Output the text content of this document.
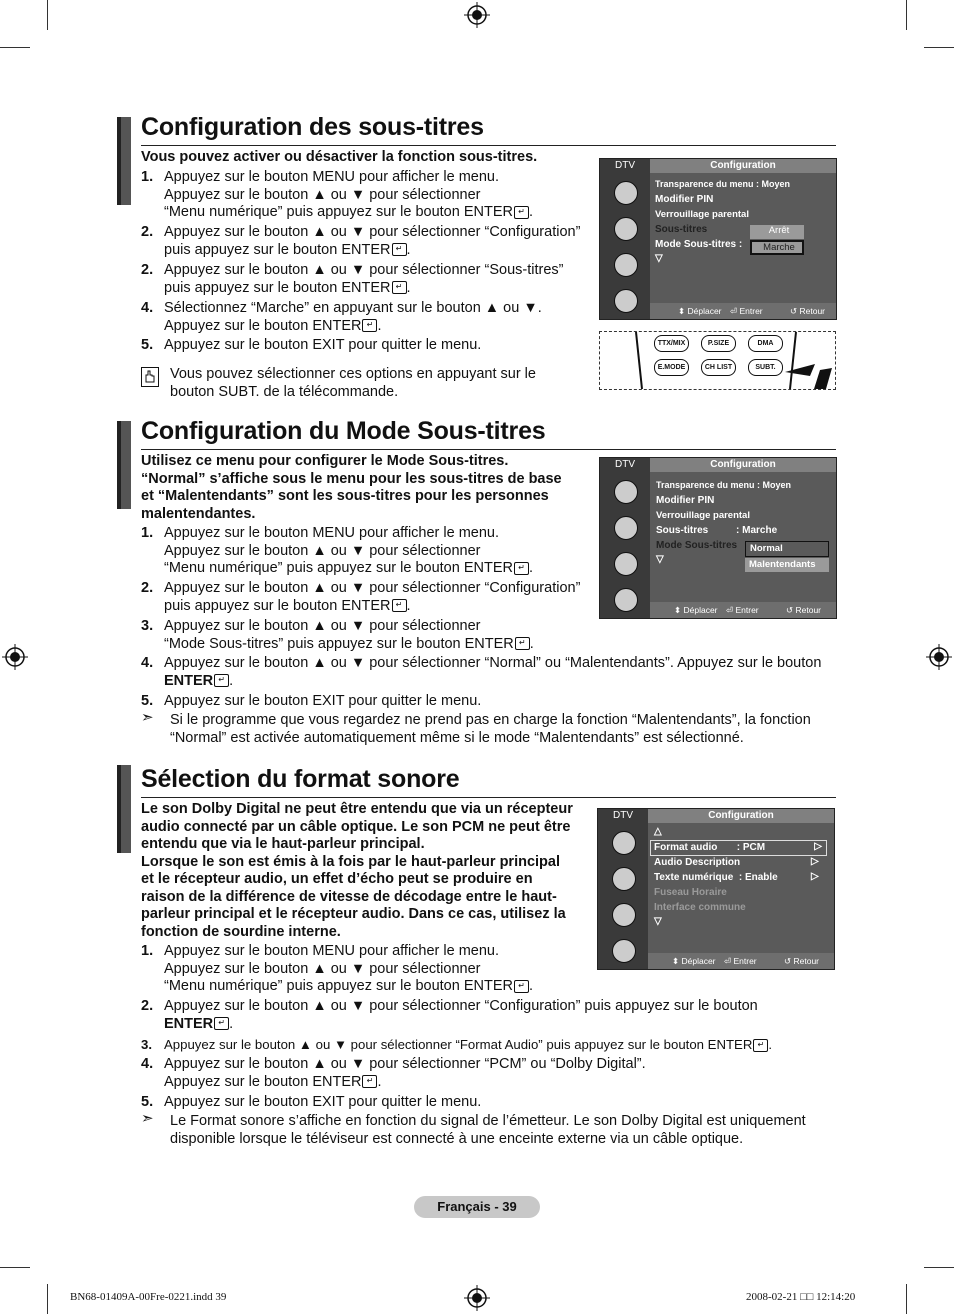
Configuration des sous-titres
Vous pouvez activer ou désactiver la fonction sous-titres.
1. Appuyez sur le bouton MENU pour afficher le menu.
Appuyez sur le bouton ▲ ou ▼ pour sélectionner
“Menu numérique” puis appuyez sur le bouton ENTER ↵ .
2. Appuyez sur le bouton ▲ ou ▼ pour sélectionner “Configuration”
puis appuyez sur le bouton ENTER ↵ .
2. Appuyez sur le bouton ▲ ou ▼ pour sélectionner “Sous-titres”
puis appuyez sur le bouton ENTER ↵ .
4. Sélectionnez “Marche” en appuyant sur le bouton ▲ ou ▼.
Appuyez sur le bouton ENTER ↵ .
5. Appuyez sur le bouton EXIT pour quitter le menu.
Vous pouvez sélectionner ces options en appuyant sur le
bouton SUBT. de la télécommande.
DTV	Configuration
Transparence du menu : Moyen
Modifier PIN
Verrouillage parental
Sous-titres
Mode Sous-titres :
▽
Arrêt
Marche
⬍ Déplacer ⏎ Entrer	↺ Retour
TTX/MIX	P.SIZE	DMA
E.MODE	CH LIST	SUBT.
Configuration du Mode Sous-titres
Utilisez ce menu pour configurer le Mode Sous-titres.
“Normal” s’affiche sous le menu pour les sous-titres de base
et “Malentendants” sont les sous-titres pour les personnes
malentendantes.
1. Appuyez sur le bouton MENU pour afficher le menu.
Appuyez sur le bouton ▲ ou ▼ pour sélectionner
“Menu numérique” puis appuyez sur le bouton ENTER ↵ .
2. Appuyez sur le bouton ▲ ou ▼ pour sélectionner “Configuration”
puis appuyez sur le bouton ENTER ↵ .
3. Appuyez sur le bouton ▲ ou ▼ pour sélectionner
“Mode Sous-titres” puis appuyez sur le bouton ENTER ↵ .
4. Appuyez sur le bouton ▲ ou ▼ pour sélectionner “Normal” ou “Malentendants”. Appuyez sur le bouton
ENTER ↵ .
5. Appuyez sur le bouton EXIT pour quitter le menu.
➣ Si le programme que vous regardez ne prend pas en charge la fonction “Malentendants”, la fonction
“Normal” est activée automatiquement même si le mode “Malentendants” est sélectionné.
DTV	Configuration
Transparence du menu : Moyen
Modifier PIN
Verrouillage parental
Sous-titres          : Marche
Mode Sous-titres
▽
Normal
Malentendants
⬍ Déplacer ⏎ Entrer	↺ Retour
Sélection du format sonore
Le son Dolby Digital ne peut être entendu que via un récepteur
audio connecté par un câble optique. Le son PCM ne peut être
entendu que via le haut-parleur principal.
Lorsque le son est émis à la fois par le haut-parleur principal
et le récepteur audio, un effet d’écho peut se produire en
raison de la différence de vitesse de décodage entre le haut-
parleur principal et le récepteur audio. Dans ce cas, utilisez la
fonction de sourdine interne.
1. Appuyez sur le bouton MENU pour afficher le menu.
Appuyez sur le bouton ▲ ou ▼ pour sélectionner
“Menu numérique” puis appuyez sur le bouton ENTER ↵ .
2. Appuyez sur le bouton ▲ ou ▼ pour sélectionner “Configuration” puis appuyez sur le bouton
ENTER ↵ .
3. Appuyez sur le bouton ▲ ou ▼ pour sélectionner “Format Audio” puis appuyez sur le bouton ENTER ↵ .
4. Appuyez sur le bouton ▲ ou ▼ pour sélectionner “PCM” ou “Dolby Digital”.
Appuyez sur le bouton ENTER ↵ .
5. Appuyez sur le bouton EXIT pour quitter le menu.
➣ Le Format sonore s’affiche en fonction du signal de l’émetteur. Le son Dolby Digital est uniquement
disponible lorsque le téléviseur est connecté à une enceinte externe via un câble optique.
DTV	Configuration
△
Format audio       : PCM	▷
Audio Description	▷
Texte numérique  : Enable	▷
Fuseau Horaire
Interface commune
▽
⬍ Déplacer ⏎ Entrer	↺ Retour
Français - 39
BN68-01409A-00Fre-0221.indd 39	2008-02-21 □□ 12:14:20
